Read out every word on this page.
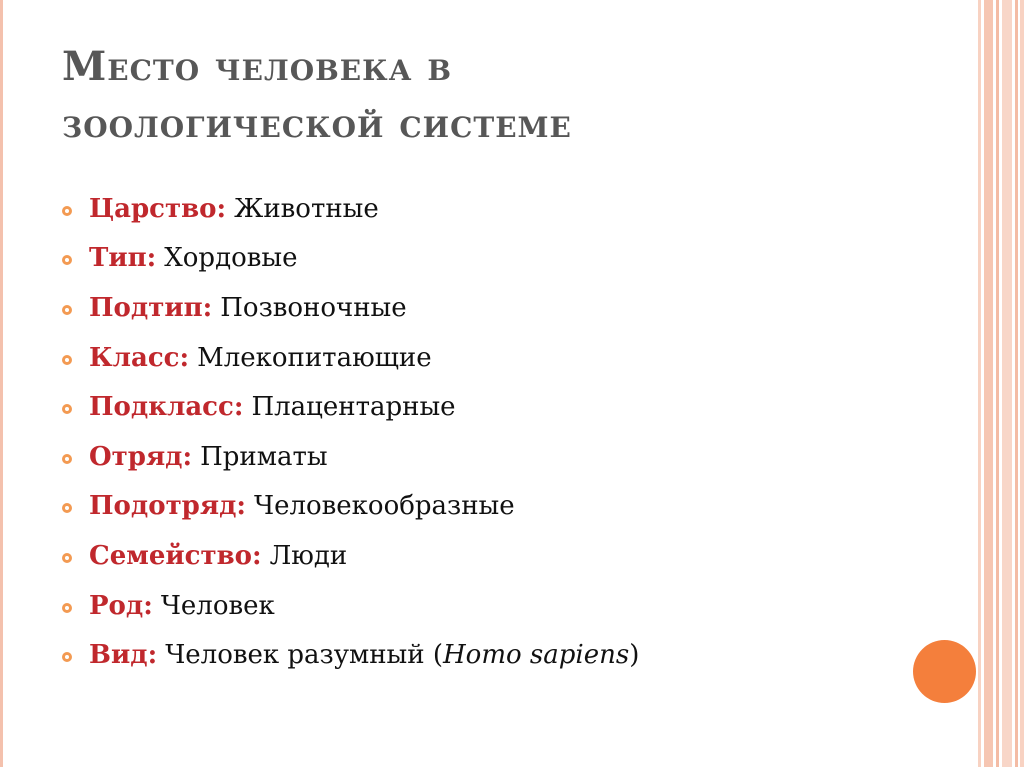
Место человека в
зоологической системе
Царство: Животные
Тип: Хордовые
Подтип: Позвоночные
Класс: Млекопитающие
Подкласс: Плацентарные
Отряд: Приматы
Подотряд: Человекообразные
Семейство: Люди
Род: Человек
Вид: Человек разумный (Homo sapiens)
